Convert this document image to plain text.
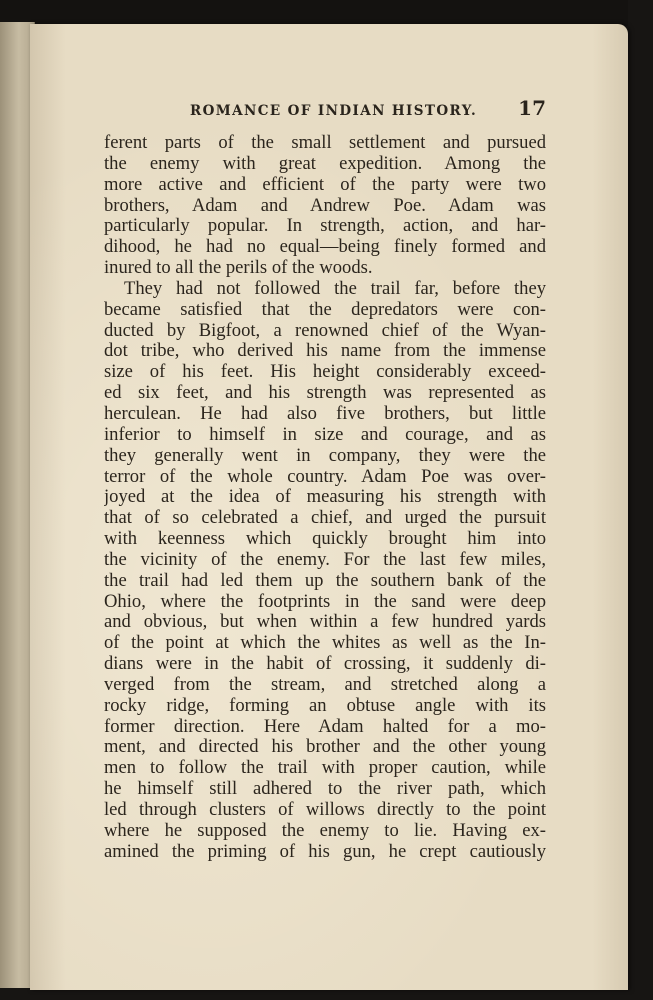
ROMANCE OF INDIAN HISTORY. 17
ferent parts of the small settlement and pursued
the enemy with great expedition. Among the
more active and efficient of the party were two
brothers, Adam and Andrew Poe. Adam was
particularly popular. In strength, action, and har-
dihood, he had no equal—being finely formed and
inured to all the perils of the woods.
They had not followed the trail far, before they
became satisfied that the depredators were con-
ducted by Bigfoot, a renowned chief of the Wyan-
dot tribe, who derived his name from the immense
size of his feet. His height considerably exceed-
ed six feet, and his strength was represented as
herculean. He had also five brothers, but little
inferior to himself in size and courage, and as
they generally went in company, they were the
terror of the whole country. Adam Poe was over-
joyed at the idea of measuring his strength with
that of so celebrated a chief, and urged the pursuit
with keenness which quickly brought him into
the vicinity of the enemy. For the last few miles,
the trail had led them up the southern bank of the
Ohio, where the footprints in the sand were deep
and obvious, but when within a few hundred yards
of the point at which the whites as well as the In-
dians were in the habit of crossing, it suddenly di-
verged from the stream, and stretched along a
rocky ridge, forming an obtuse angle with its
former direction. Here Adam halted for a mo-
ment, and directed his brother and the other young
men to follow the trail with proper caution, while
he himself still adhered to the river path, which
led through clusters of willows directly to the point
where he supposed the enemy to lie. Having ex-
amined the priming of his gun, he crept cautiously
